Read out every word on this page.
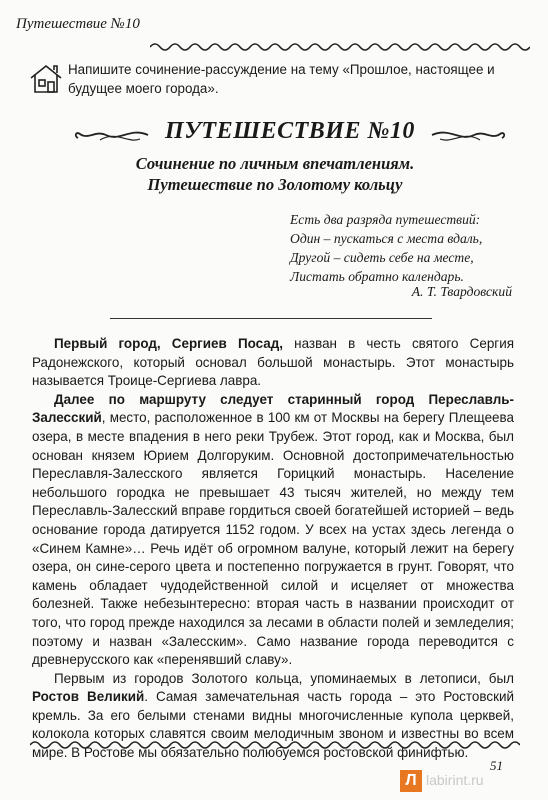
Путешествие №10
Напишите сочинение-рассуждение на тему «Прошлое, настоящее и будущее моего города».
ПУТЕШЕСТВИЕ №10
Сочинение по личным впечатлениям.
Путешествие по Золотому кольцу
Есть два разряда путешествий:
Один – пускаться с места вдаль,
Другой – сидеть себе на месте,
Листать обратно календарь.
А. Т. Твардовский

Первый город, Сергиев Посад, назван в честь святого Сергия Радонежского, который основал большой монастырь. Этот монастырь называется Троице-Сергиева лавра.

Далее по маршруту следует старинный город Переславль-Залесский, место, расположенное в 100 км от Москвы на берегу Плещеева озера, в месте впадения в него реки Трубеж. Этот город, как и Москва, был основан князем Юрием Долгоруким. Основной достопримечательностью Переславля-Залесского является Горицкий монастырь. Население небольшого городка не превышает 43 тысяч жителей, но между тем Переславль-Залесский вправе гордиться своей богатейшей историей – ведь основание города датируется 1152 годом. У всех на устах здесь легенда о «Синем Камне»… Речь идёт об огромном валуне, который лежит на берегу озера, он сине-серого цвета и постепенно погружается в грунт. Говорят, что камень обладает чудодейственной силой и исцеляет от множества болезней. Также небезынтересно: вторая часть в названии происходит от того, что город прежде находился за лесами в области полей и земледелия; поэтому и назван «Залесским». Само название города переводится с древнерусского как «перенявший славу».

Первым из городов Золотого кольца, упоминаемых в летописи, был Ростов Великий. Самая замечательная часть города – это Ростовский кремль. За его белыми стенами видны многочисленные купола церквей, колокола которых славятся своим мелодичным звоном и известны во всем мире. В Ростове мы обязательно полюбуемся ростовской финифтью.

51
Л labirint.ru
